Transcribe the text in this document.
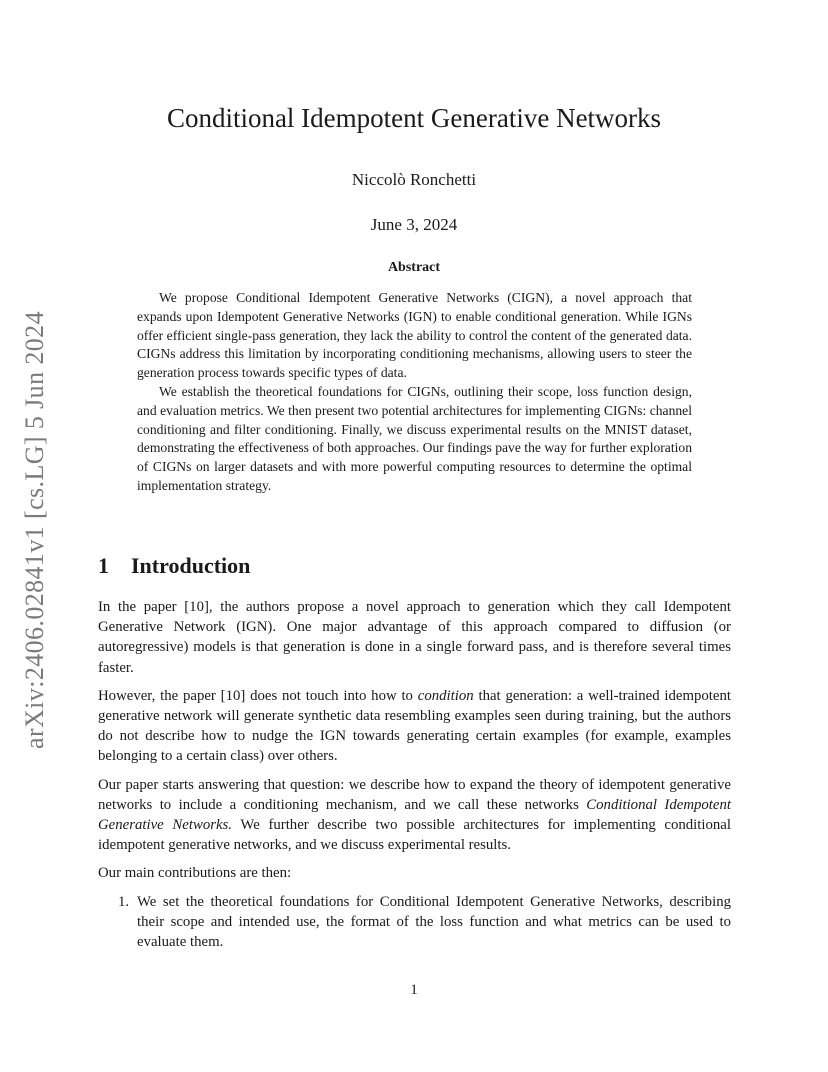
arXiv:2406.02841v1 [cs.LG] 5 Jun 2024
Conditional Idempotent Generative Networks
Niccolò Ronchetti
June 3, 2024
Abstract

We propose Conditional Idempotent Generative Networks (CIGN), a novel approach that expands upon Idempotent Generative Networks (IGN) to enable conditional generation. While IGNs offer efficient single-pass generation, they lack the ability to control the content of the generated data. CIGNs address this limitation by incorporating conditioning mechanisms, allowing users to steer the generation process towards specific types of data.

We establish the theoretical foundations for CIGNs, outlining their scope, loss function design, and evaluation metrics. We then present two potential architectures for implementing CIGNs: channel conditioning and filter conditioning. Finally, we discuss experimental results on the MNIST dataset, demonstrating the effectiveness of both approaches. Our findings pave the way for further exploration of CIGNs on larger datasets and with more powerful computing resources to determine the optimal implementation strategy.

1 Introduction

In the paper [10], the authors propose a novel approach to generation which they call Idempotent Generative Network (IGN). One major advantage of this approach compared to diffusion (or autoregressive) models is that generation is done in a single forward pass, and is therefore several times faster.

However, the paper [10] does not touch into how to condition that generation: a well-trained idempotent generative network will generate synthetic data resembling examples seen during training, but the authors do not describe how to nudge the IGN towards generating certain examples (for example, examples belonging to a certain class) over others.

Our paper starts answering that question: we describe how to expand the theory of idempotent generative networks to include a conditioning mechanism, and we call these networks Conditional Idempotent Generative Networks. We further describe two possible architectures for implementing conditional idempotent generative networks, and we discuss experimental results.

Our main contributions are then:

1. We set the theoretical foundations for Conditional Idempotent Generative Networks, describing their scope and intended use, the format of the loss function and what metrics can be used to evaluate them.
1
